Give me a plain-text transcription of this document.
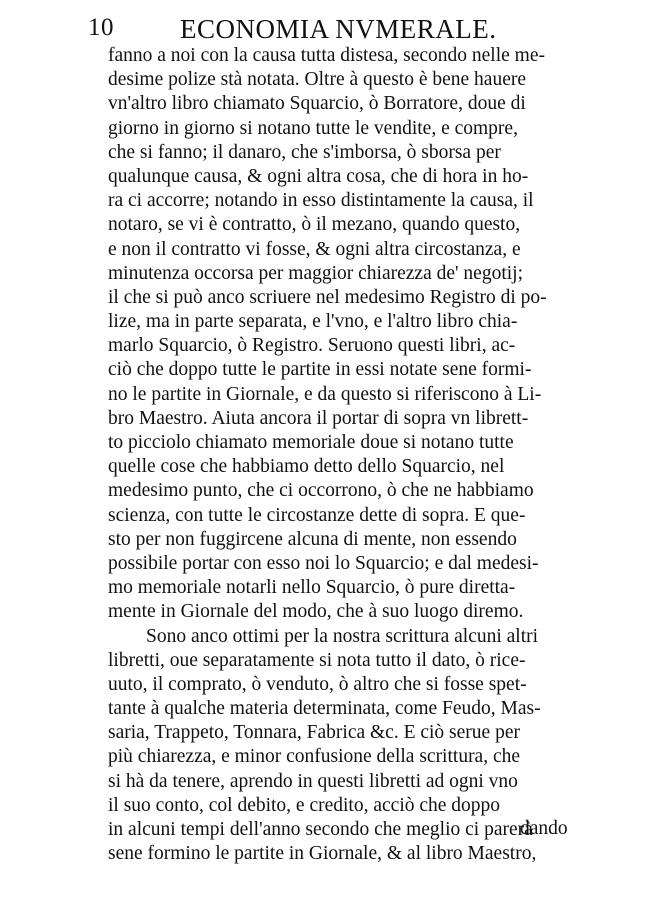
10 ECONOMIA NVMERALE.
fanno a noi con la causa tutta distesa, secondo nelle me-
desime polize stà notata. Oltre à questo è bene hauere
vn'altro libro chiamato Squarcio, ò Borratore, doue di
giorno in giorno si notano tutte le vendite, e compre,
che si fanno; il danaro, che s'imborsa, ò sborsa per
qualunque causa, & ogni altra cosa, che di hora in ho-
ra ci accorre; notando in esso distintamente la causa, il
notaro, se vi è contratto, ò il mezano, quando questo,
e non il contratto vi fosse, & ogni altra circostanza, e
minutenza occorsa per maggior chiarezza de' negotij;
il che si può anco scriuere nel medesimo Registro di po-
lize, ma in parte separata, e l'vno, e l'altro libro chia-
marlo Squarcio, ò Registro. Seruono questi libri, ac-
ciò che doppo tutte le partite in essi notate sene formi-
no le partite in Giornale, e da questo si riferiscono à Li-
bro Maestro. Aiuta ancora il portar di sopra vn librett-
to picciolo chiamato memoriale doue si notano tutte
quelle cose che habbiamo detto dello Squarcio, nel
medesimo punto, che ci occorrono, ò che ne habbiamo
scienza, con tutte le circostanze dette di sopra. E que-
sto per non fuggircene alcuna di mente, non essendo
possibile portar con esso noi lo Squarcio; e dal medesi-
mo memoriale notarli nello Squarcio, ò pure diretta-
mente in Giornale del modo, che à suo luogo diremo.
Sono anco ottimi per la nostra scrittura alcuni altri
libretti, oue separatamente si nota tutto il dato, ò rice-
uuto, il comprato, ò venduto, ò altro che si fosse spet-
tante à qualche materia determinata, come Feudo, Mas-
saria, Trappeto, Tonnara, Fabrica &c. E ciò serue per
più chiarezza, e minor confusione della scrittura, che
si hà da tenere, aprendo in questi libretti ad ogni vno
il suo conto, col debito, e credito, acciò che doppo
in alcuni tempi dell'anno secondo che meglio ci parerà
sene formino le partite in Giornale, & al libro Maestro,
dando
